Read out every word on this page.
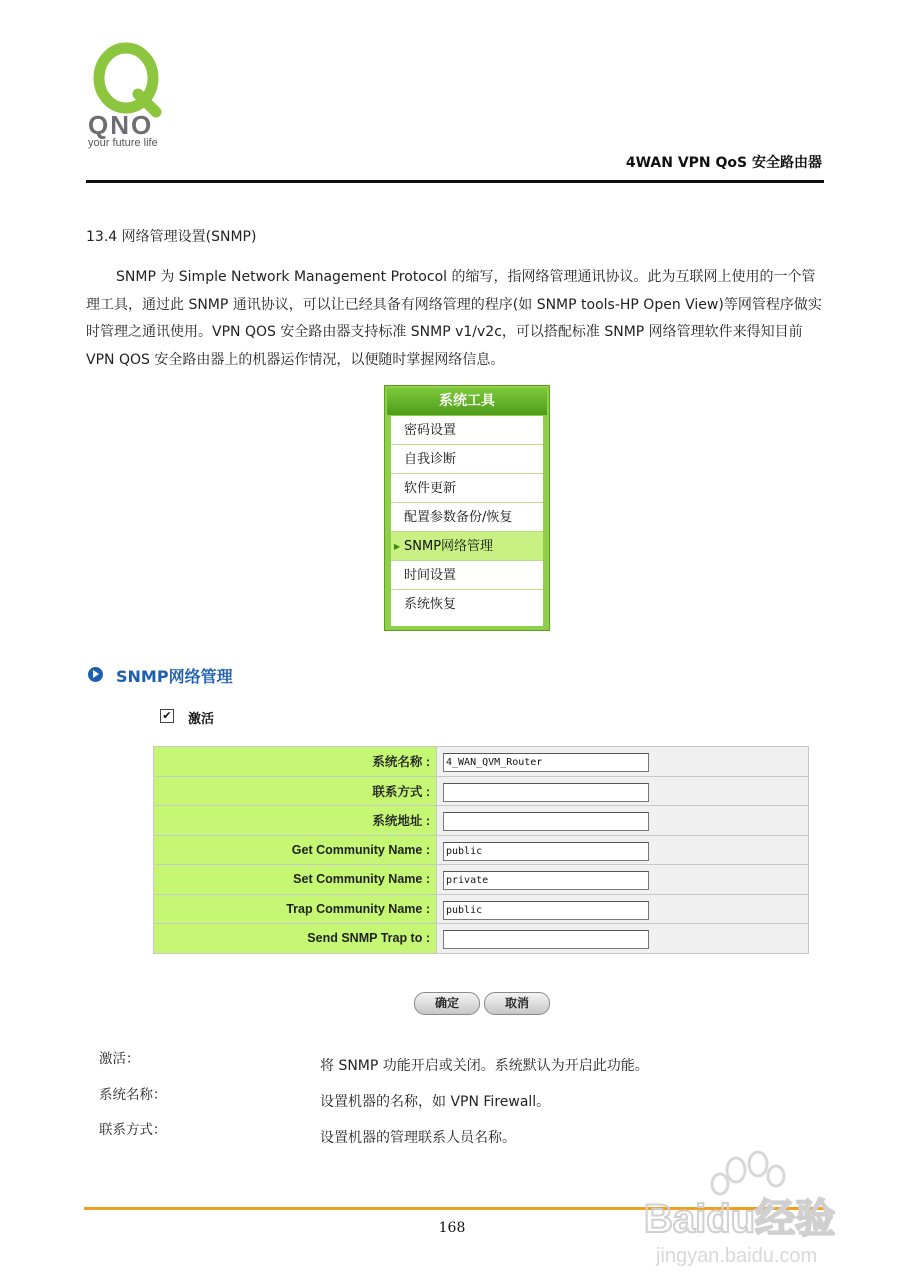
QNO
your future life
4WAN VPN QoS 安全路由器
13.4 网络管理设置(SNMP)

SNMP 为 Simple Network Management Protocol 的缩写，指网络管理通讯协议。此为互联网上使用的一个管理工具，通过此 SNMP 通讯协议，可以让已经具备有网络管理的程序(如 SNMP tools-HP Open View)等网管程序做实时管理之通讯使用。VPN QOS 安全路由器支持标准 SNMP v1/v2c，可以搭配标准 SNMP 网络管理软件来得知目前 VPN QOS 安全路由器上的机器运作情况，以便随时掌握网络信息。

系统工具
密码设置
自我诊断
软件更新
配置参数备份/恢复
▶ SNMP网络管理
时间设置
系统恢复
SNMP网络管理
✔ 激活
系统名称 :	4_WAN_QVM_Router
联系方式 :	
系统地址 :	
Get Community Name :	public
Set Community Name :	private
Trap Community Name :	public
Send SNMP Trap to :	
确定	取消
激活：	将 SNMP 功能开启或关闭。系统默认为开启此功能。
系统名称：	设置机器的名称，如 VPN Firewall。
联系方式：	设置机器的管理联系人员名称。
168	Baidu经验
jingyan.baidu.com
